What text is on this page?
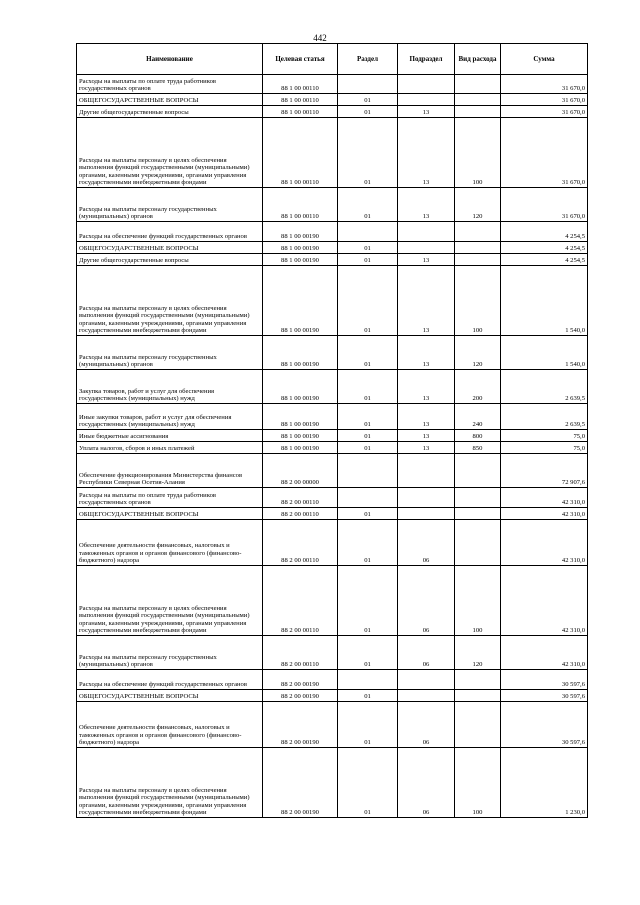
442
Наименование	Целевая статья	Раздел	Подраздел	Вид расхода	Сумма
Расходы на выплаты по оплате труда работников государственных органов	88 1 00 00110				31 670,0
ОБЩЕГОСУДАРСТВЕННЫЕ ВОПРОСЫ	88 1 00 00110	01			31 670,0
Другие общегосударственные вопросы	88 1 00 00110	01	13		31 670,0
Расходы на выплаты персоналу в целях обеспечения выполнения функций государственными (муниципальными) органами, казенными учреждениями, органами управления государственными внебюджетными фондами	88 1 00 00110	01	13	100	31 670,0
Расходы на выплаты персоналу государственных (муниципальных) органов	88 1 00 00110	01	13	120	31 670,0
Расходы на обеспечение функций государственных органов	88 1 00 00190				4 254,5
ОБЩЕГОСУДАРСТВЕННЫЕ ВОПРОСЫ	88 1 00 00190	01			4 254,5
Другие общегосударственные вопросы	88 1 00 00190	01	13		4 254,5
Расходы на выплаты персоналу в целях обеспечения выполнения функций государственными (муниципальными) органами, казенными учреждениями, органами управления государственными внебюджетными фондами	88 1 00 00190	01	13	100	1 540,0
Расходы на выплаты персоналу государственных (муниципальных) органов	88 1 00 00190	01	13	120	1 540,0
Закупка товаров, работ и услуг для обеспечения государственных (муниципальных) нужд	88 1 00 00190	01	13	200	2 639,5
Иные закупки товаров, работ и услуг для обеспечения государственных (муниципальных) нужд	88 1 00 00190	01	13	240	2 639,5
Иные бюджетные ассигнования	88 1 00 00190	01	13	800	75,0
Уплата налогов, сборов и иных платежей	88 1 00 00190	01	13	850	75,0
Обеспечение функционирования Министерства финансов Республики Северная Осетия-Алания	88 2 00 00000				72 907,6
Расходы на выплаты по оплате труда работников государственных органов	88 2 00 00110				42 310,0
ОБЩЕГОСУДАРСТВЕННЫЕ ВОПРОСЫ	88 2 00 00110	01			42 310,0
Обеспечение деятельности финансовых, налоговых и таможенных органов и органов финансового (финансово-бюджетного) надзора	88 2 00 00110	01	06		42 310,0
Расходы на выплаты персоналу в целях обеспечения выполнения функций государственными (муниципальными) органами, казенными учреждениями, органами управления государственными внебюджетными фондами	88 2 00 00110	01	06	100	42 310,0
Расходы на выплаты персоналу государственных (муниципальных) органов	88 2 00 00110	01	06	120	42 310,0
Расходы на обеспечение функций государственных органов	88 2 00 00190				30 597,6
ОБЩЕГОСУДАРСТВЕННЫЕ ВОПРОСЫ	88 2 00 00190	01			30 597,6
Обеспечение деятельности финансовых, налоговых и таможенных органов и органов финансового (финансово-бюджетного) надзора	88 2 00 00190	01	06		30 597,6
Расходы на выплаты персоналу в целях обеспечения выполнения функций государственными (муниципальными) органами, казенными учреждениями, органами управления государственными внебюджетными фондами	88 2 00 00190	01	06	100	1 230,0
